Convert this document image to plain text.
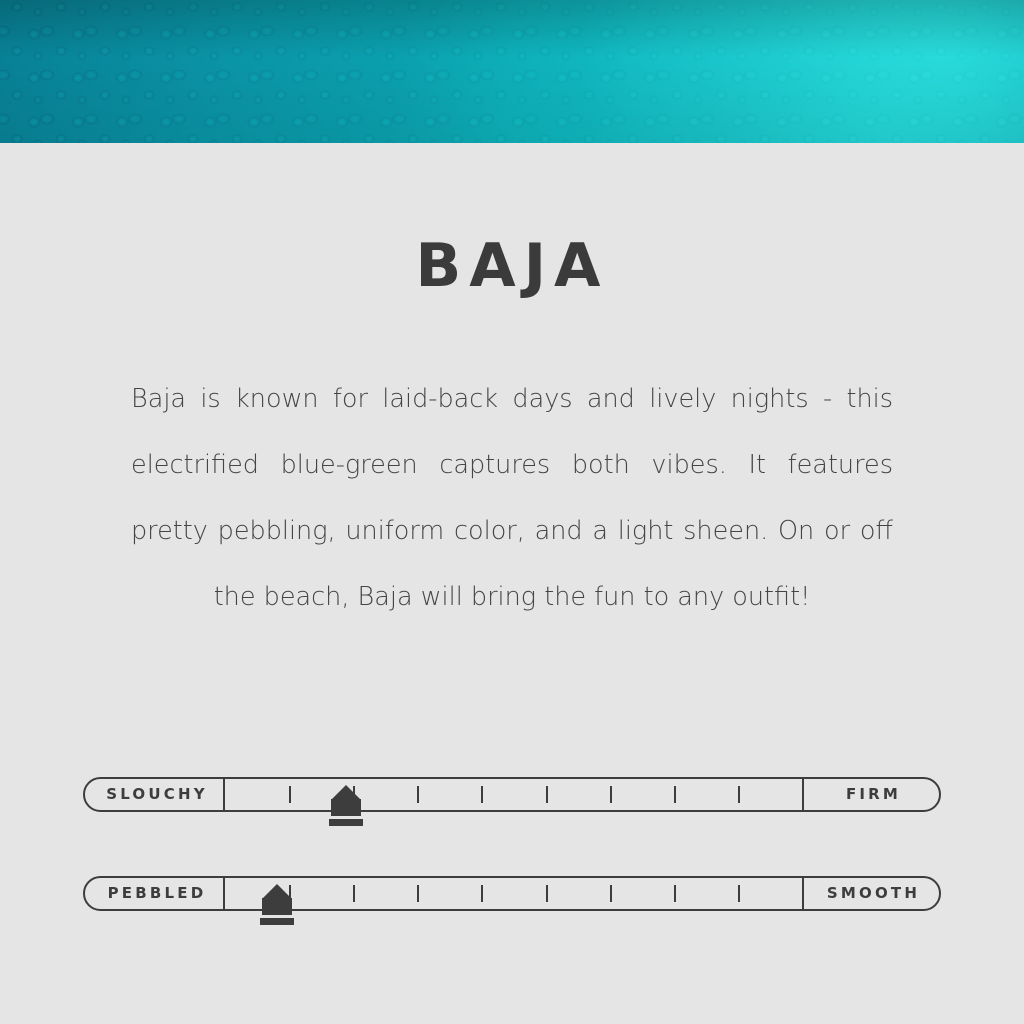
BAJA
Baja is known for laid-back days and lively nights - this electrified blue-green captures both vibes. It features pretty pebbling, uniform color, and a light sheen. On or off the beach, Baja will bring the fun to any outfit!
SLOUCHY	FIRM
PEBBLED	SMOOTH
